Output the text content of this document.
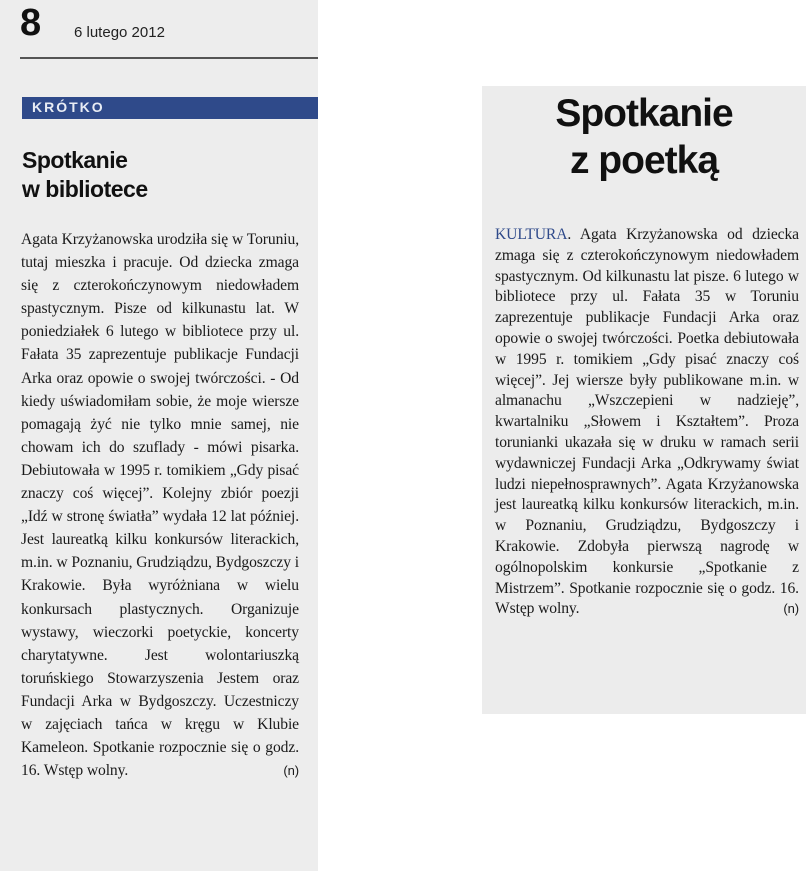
8 6 lutego 2012
KRÓTKO
Spotkanie
w bibliotece
Agata Krzyżanowska urodziła się w Toruniu, tutaj mieszka i pracuje. Od dziecka zmaga się z czterokończynowym niedowładem spastycznym. Pisze od kilkunastu lat. W poniedziałek 6 lutego w bibliotece przy ul. Fałata 35 zaprezentuje publikacje Fundacji Arka oraz opowie o swojej twórczości. - Od kiedy uświadomiłam sobie, że moje wiersze pomagają żyć nie tylko mnie samej, nie chowam ich do szuflady - mówi pisarka. Debiutowała w 1995 r. tomikiem „Gdy pisać znaczy coś więcej”. Kolejny zbiór poezji „Idź w stronę światła” wydała 12 lat później. Jest laureatką kilku konkursów literackich, m.in. w Poznaniu, Grudziądzu, Bydgoszczy i Krakowie. Była wyróżniana w wielu konkursach plastycznych. Organizuje wystawy, wieczorki poetyckie, koncerty charytatywne. Jest wolontariuszką toruńskiego Stowarzyszenia Jestem oraz Fundacji Arka w Bydgoszczy. Uczestniczy w zajęciach tańca w kręgu w Klubie Kameleon. Spotkanie rozpocznie się o godz. 16. Wstęp wolny.	(n)
Spotkanie
z poetką
KULTURA. Agata Krzyżanowska od dziecka zmaga się z czterokończynowym niedowładem spastycznym. Od kilkunastu lat pisze. 6 lutego w bibliotece przy ul. Fałata 35 w Toruniu zaprezentuje publikacje Fundacji Arka oraz opowie o swojej twórczości. Poetka debiutowała w 1995 r. tomikiem „Gdy pisać znaczy coś więcej”. Jej wiersze były publikowane m.in. w almanachu „Wszczepieni w nadzieję”, kwartalniku „Słowem i Kształtem”. Proza torunianki ukazała się w druku w ramach serii wydawniczej Fundacji Arka „Odkrywamy świat ludzi niepełnosprawnych”. Agata Krzyżanowska jest laureatką kilku konkursów literackich, m.in. w Poznaniu, Grudziądzu, Bydgoszczy i Krakowie. Zdobyła pierwszą nagrodę w ogólnopolskim konkursie „Spotkanie z Mistrzem”. Spotkanie rozpocznie się o godz. 16. Wstęp wolny.	(n)
